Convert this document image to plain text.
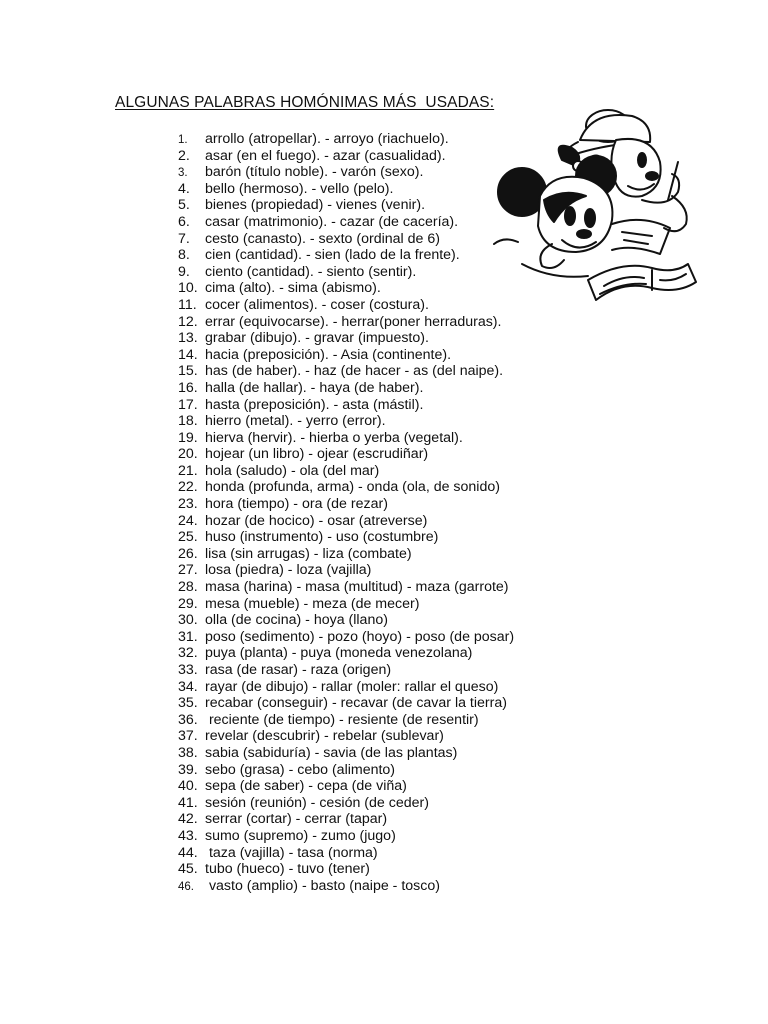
ALGUNAS PALABRAS HOMÓNIMAS MÁS  USADAS:
1.	arrollo (atropellar). - arroyo (riachuelo).
2.	asar (en el fuego). - azar (casualidad).
3.	barón (título noble). - varón (sexo).
4.	bello (hermoso). - vello (pelo).
5.	bienes (propiedad) - vienes (venir).
6.	casar (matrimonio). - cazar (de cacería).
7.	cesto (canasto). - sexto (ordinal de 6)
8.	cien (cantidad). - sien (lado de la frente).
9.	ciento (cantidad). - siento (sentir).
10. cima (alto). - sima (abismo).
11. cocer (alimentos). - coser (costura).
12. errar (equivocarse). - herrar(poner herraduras).
13. grabar (dibujo). - gravar (impuesto).
14. hacia (preposición). - Asia (continente).
15. has (de haber). - haz (de hacer - as (del naipe).
16. halla (de hallar). - haya (de haber).
17. hasta (preposición). - asta (mástil).
18. hierro (metal). - yerro (error).
19. hierva (hervir). - hierba o yerba (vegetal).
20. hojear (un libro) - ojear (escrudiñar)
21. hola (saludo) - ola (del mar)
22. honda (profunda, arma) - onda (ola, de sonido)
23. hora (tiempo) - ora (de rezar)
24. hozar (de hocico) - osar (atreverse)
25. huso (instrumento) - uso (costumbre)
26. lisa (sin arrugas) - liza (combate)
27. losa (piedra) - loza (vajilla)
28. masa (harina) - masa (multitud) - maza (garrote)
29. mesa (mueble) - meza (de mecer)
30. olla (de cocina) - hoya (llano)
31. poso (sedimento) - pozo (hoyo) - poso (de posar)
32. puya (planta) - puya (moneda venezolana)
33. rasa (de rasar) - raza (origen)
34. rayar (de dibujo) - rallar (moler: rallar el queso)
35. recabar (conseguir) - recavar (de cavar la tierra)
36. reciente (de tiempo) - resiente (de resentir)
37. revelar (descubrir) - rebelar (sublevar)
38. sabia (sabiduría) - savia (de las plantas)
39. sebo (grasa) - cebo (alimento)
40. sepa (de saber) - cepa (de viña)
41. sesión (reunión) - cesión (de ceder)
42. serrar (cortar) - cerrar (tapar)
43. sumo (supremo) - zumo (jugo)
44. taza (vajilla) - tasa (norma)
45. tubo (hueco) - tuvo (tener)
46. vasto (amplio) - basto (naipe - tosco)
